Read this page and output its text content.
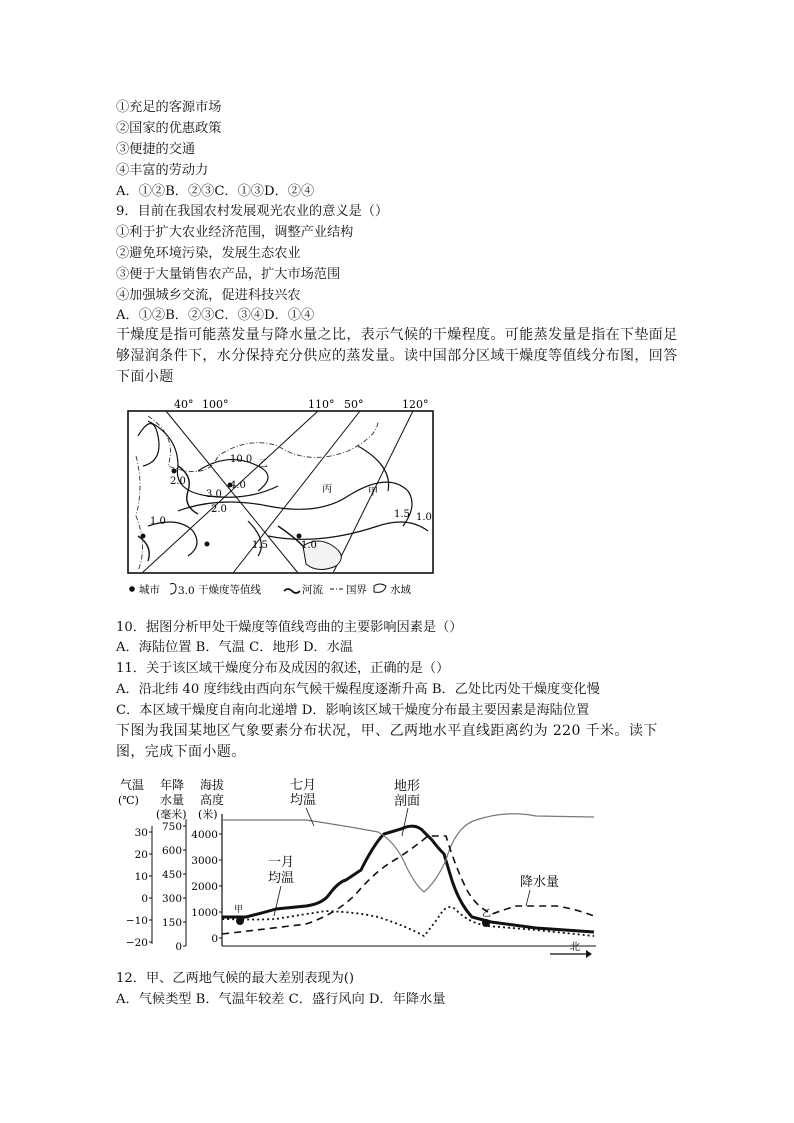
①充足的客源市场
②国家的优惠政策
③便捷的交通
④丰富的劳动力
A．①②B．②③C．①③D．②④
9．目前在我国农村发展观光农业的意义是（）
①利于扩大农业经济范围，调整产业结构
②避免环境污染，发展生态农业
③便于大量销售农产品，扩大市场范围
④加强城乡交流，促进科技兴农
A．①②B．②③C．③④D．①④
干燥度是指可能蒸发量与降水量之比，表示气候的干燥程度。可能蒸发量是指在下垫面足够湿润条件下，水分保持充分供应的蒸发量。读中国部分区域干燥度等值线分布图，回答下面小题
40° 100°	110° 50°	120°
10.0 乙
4.0
2.0
3.0
2.0
丙	甲
1.5 1.0
1.0
1.5	1.0
城市 3.0 干燥度等值线	河流 国界 水域
10．据图分析甲处干燥度等值线弯曲的主要影响因素是（）
A．海陆位置 B．气温 C．地形 D．水温
11．关于该区域干燥度分布及成因的叙述，正确的是（）
A．沿北纬 40 度纬线由西向东气候干燥程度逐渐升高 B．乙处比丙处干燥度变化慢
C．本区域干燥度自南向北递增 D．影响该区域干燥度分布最主要因素是海陆位置
下图为我国某地区气象要素分布状况，甲、乙两地水平直线距离约为 220 千米。读下图，完成下面小题。
气温
(℃)
年降
水量
(毫米)
海拔
高度
(米)
30
20
10
0
−10
−20
750
600
450
300
150
0
4000
3000
2000
1000
0
甲	乙
七月
均温
地形
剖面
一月
均温	降水量
北
12．甲、乙两地气候的最大差别表现为()
A．气候类型 B．气温年较差 C．盛行风向 D．年降水量
